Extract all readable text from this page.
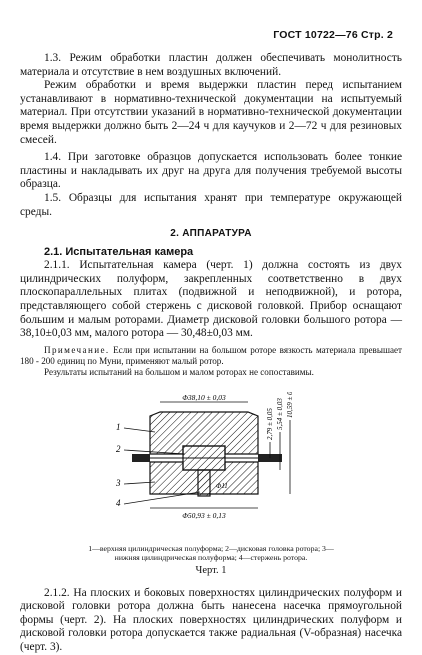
ГОСТ 10722—76 Стр. 2

1.3. Режим обработки пластин должен обеспечивать монолитность материала и отсутствие в нем воздушных включений.

Режим обработки и время выдержки пластин перед испытанием устанавливают в нормативно-технической документации на испытуемый материал. При отсутствии указаний в нормативно-технической документации время выдержки должно быть 2—24 ч для каучуков и 2—72 ч для резиновых смесей.

1.4. При заготовке образцов допускается использовать более тонкие пластины и накладывать их друг на друга для получения требуемой высоты образца.

1.5. Образцы для испытания хранят при температуре окружающей среды.

2. АППАРАТУРА
2.1. Испытательная камера

2.1.1. Испытательная камера (черт. 1) должна состоять из двух цилиндрических полуформ, закрепленных соответственно в двух плоскопараллельных плитах (подвижной и неподвижной), и ротора, представляющего собой стержень с дисковой головкой. Прибор оснащают большим и малым роторами. Диаметр дисковой головки большого ротора — 38,10±0,03 мм, малого ротора — 30,48±0,03 мм.

Примечание. Если при испытании на большом роторе вязкость материала превышает 180 - 200 единиц по Муни, применяют малый ротор.

Результаты испытаний на большом и малом роторах не сопоставимы.

Φ38,10 ± 0,03
Φ50,93 ± 0,13
Φ11
2,79 ± 0,05 5,54 ± 0,03 10,59 ± 0,03
1
2
3
4
1—верхняя цилиндрическая полуформа; 2—дисковая головка ротора; 3—нижняя цилиндрическая полуформа; 4—стержень ротора.
Черт. 1

2.1.2. На плоских и боковых поверхностях цилиндрических полуформ и дисковой головки ротора должна быть нанесена насечка прямоугольной формы (черт. 2). На плоских поверхностях цилиндрических полуформ и дисковой головки ротора допускается также радиальная (V-образная) насечка (черт. 3).
